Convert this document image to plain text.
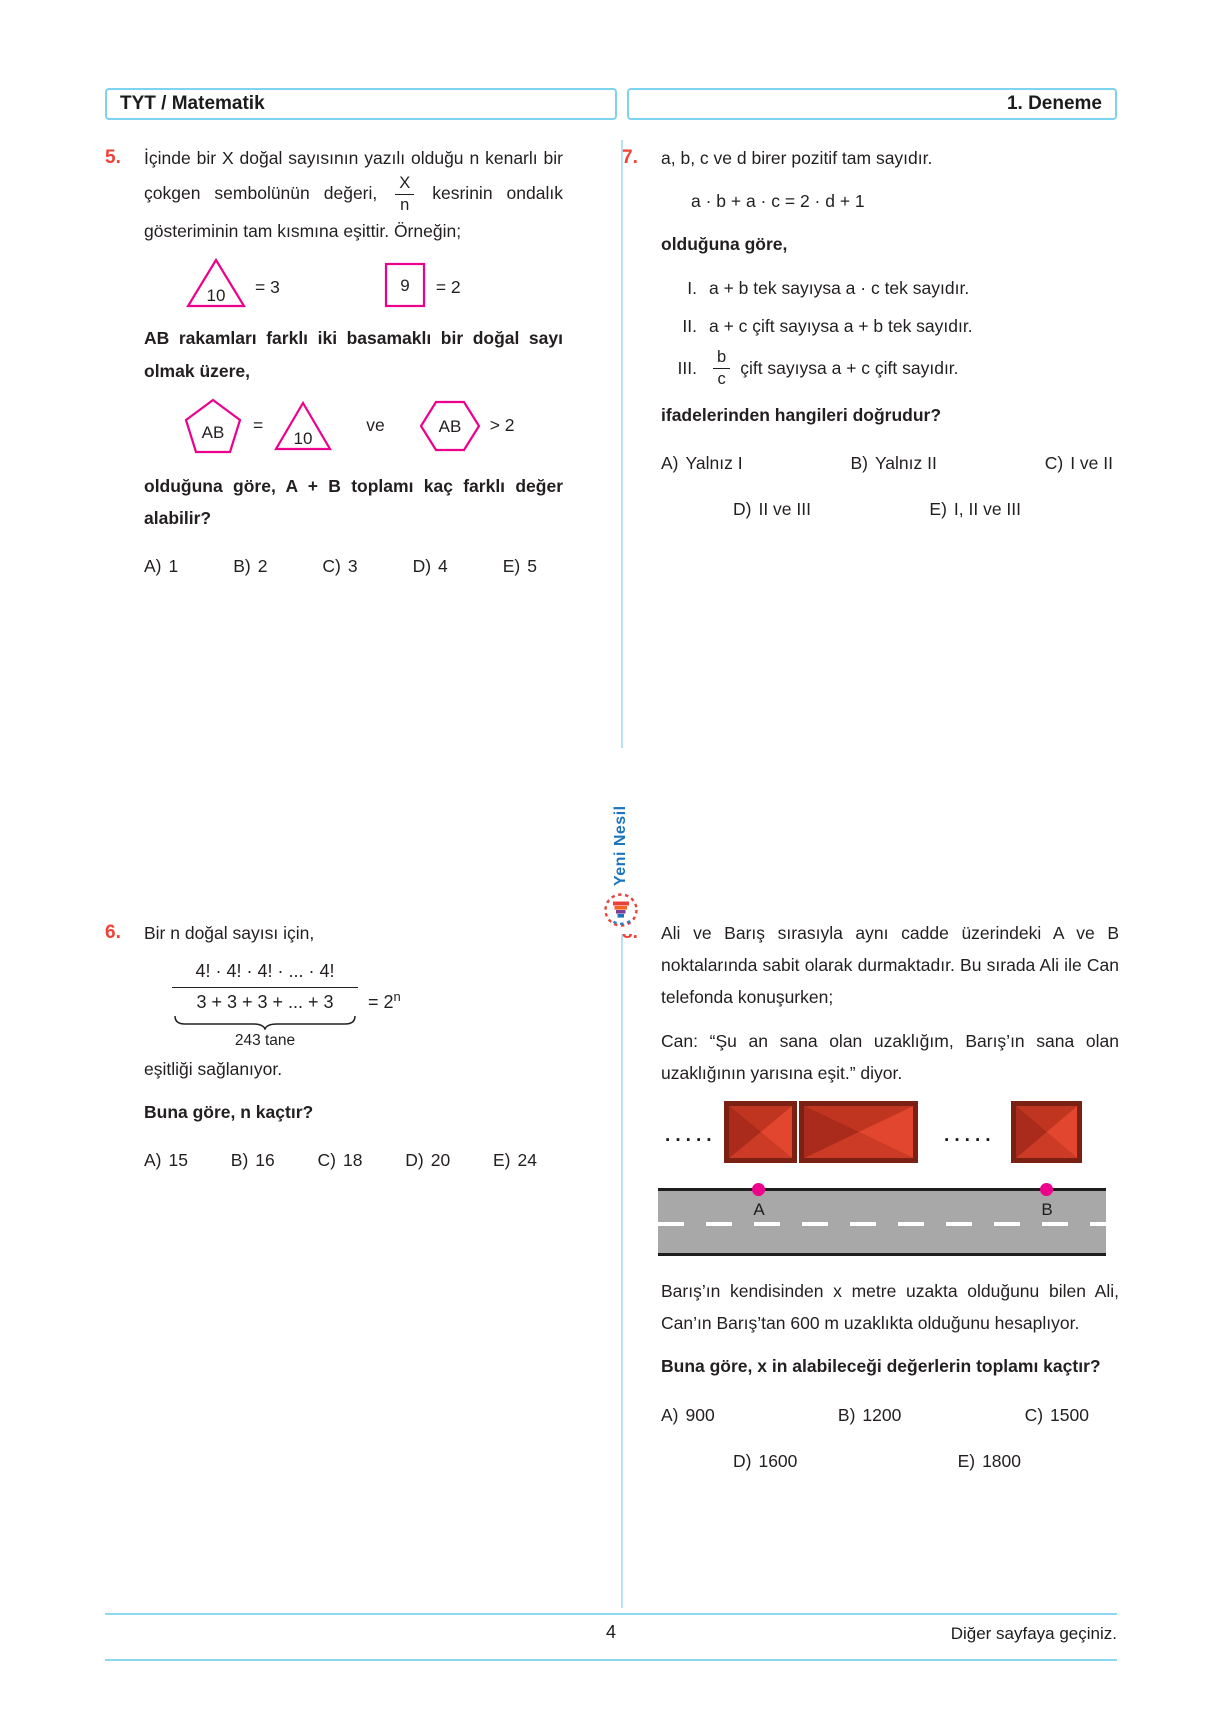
TYT / Matematik	1. Deneme
Yeni Nesil
5.	İçinde bir X doğal sayısının yazılı olduğu n kenarlı bir çokgen sembolünün değeri, $\frac{X}{n}$ kesrinin ondalık gösteriminin tam kısmına eşittir. Örneğin;

10 = 3	9 = 2

AB rakamları farklı iki basamaklı bir doğal sayı olmak üzere,

AB =
10
ve	AB > 2

olduğuna göre, A + B toplamı kaç farklı değer alabilir?

A) 1	B) 2	C) 3	D) 4	E) 5
6.	Bir n doğal sayısı için,

4! · 4! · 4! · ... · 4!
3 + 3 + 3 + ... + 3
243 tane
= $2^n$

eşitliği sağlanıyor.

Buna göre, n kaçtır?

A) 15 B) 16 C) 18 D) 20 E) 24
7.	a, b, c ve d birer pozitif tam sayıdır.

a · b + a · c = 2 · d + 1

olduğuna göre,

I. a + b tek sayıysa a · c tek sayıdır.
II. a + c çift sayıysa a + b tek sayıdır.
III.
b
c
çift sayıysa a + c çift sayıdır.

ifadelerinden hangileri doğrudur?

A) Yalnız I	B) Yalnız II	C) I ve II
D) II ve III	E) I, II ve III

Ali ve Barış sırasıyla aynı cadde üzerindeki A ve B noktalarında sabit olarak durmaktadır. Bu sırada Ali ile Can telefonda konuşurken;

Can: “Şu an sana olan uzaklığım, Barış’ın sana olan uzaklığının yarısına eşit.” diyor.

·····	·····
A	B

Barış’ın kendisinden x metre uzakta olduğunu bilen Ali, Can’ın Barış’tan 600 m uzaklıkta olduğunu hesaplıyor.

Buna göre, x in alabileceği değerlerin toplamı kaçtır?

A) 900	B) 1200	C) 1500
D) 1600	E) 1800
4	Diğer sayfaya geçiniz.
